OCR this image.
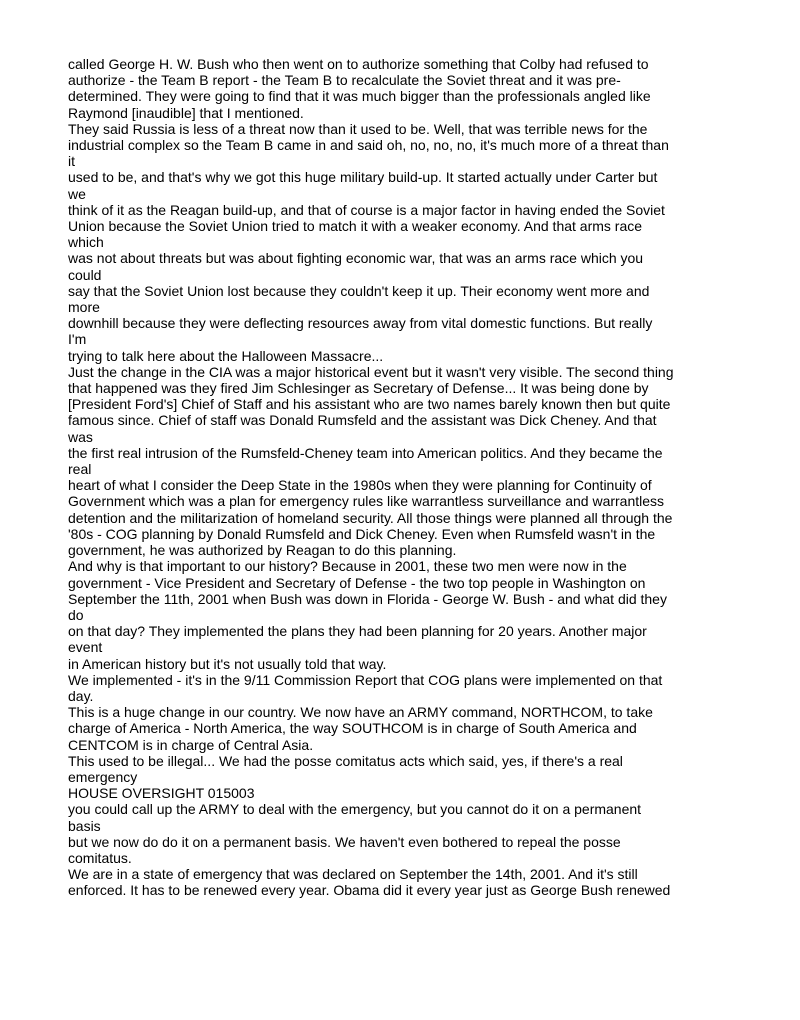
called George H. W. Bush who then went on to authorize something that Colby had refused to
authorize - the Team B report - the Team B to recalculate the Soviet threat and it was pre-
determined. They were going to find that it was much bigger than the professionals angled like
Raymond [inaudible] that I mentioned.
They said Russia is less of a threat now than it used to be. Well, that was terrible news for the
industrial complex so the Team B came in and said oh, no, no, no, it's much more of a threat than
it
used to be, and that's why we got this huge military build-up. It started actually under Carter but
we
think of it as the Reagan build-up, and that of course is a major factor in having ended the Soviet
Union because the Soviet Union tried to match it with a weaker economy. And that arms race
which
was not about threats but was about fighting economic war, that was an arms race which you
could
say that the Soviet Union lost because they couldn't keep it up. Their economy went more and
more
downhill because they were deflecting resources away from vital domestic functions. But really
I'm
trying to talk here about the Halloween Massacre...
Just the change in the CIA was a major historical event but it wasn't very visible. The second thing
that happened was they fired Jim Schlesinger as Secretary of Defense... It was being done by
[President Ford's] Chief of Staff and his assistant who are two names barely known then but quite
famous since. Chief of staff was Donald Rumsfeld and the assistant was Dick Cheney. And that
was
the first real intrusion of the Rumsfeld-Cheney team into American politics. And they became the
real
heart of what I consider the Deep State in the 1980s when they were planning for Continuity of
Government which was a plan for emergency rules like warrantless surveillance and warrantless
detention and the militarization of homeland security. All those things were planned all through the
'80s - COG planning by Donald Rumsfeld and Dick Cheney. Even when Rumsfeld wasn't in the
government, he was authorized by Reagan to do this planning.
And why is that important to our history? Because in 2001, these two men were now in the
government - Vice President and Secretary of Defense - the two top people in Washington on
September the 11th, 2001 when Bush was down in Florida - George W. Bush - and what did they
do
on that day? They implemented the plans they had been planning for 20 years. Another major
event
in American history but it's not usually told that way.
We implemented - it's in the 9/11 Commission Report that COG plans were implemented on that
day.
This is a huge change in our country. We now have an ARMY command, NORTHCOM, to take
charge of America - North America, the way SOUTHCOM is in charge of South America and
CENTCOM is in charge of Central Asia.
This used to be illegal... We had the posse comitatus acts which said, yes, if there's a real
emergency
HOUSE OVERSIGHT 015003
you could call up the ARMY to deal with the emergency, but you cannot do it on a permanent
basis
but we now do do it on a permanent basis. We haven't even bothered to repeal the posse
comitatus.
We are in a state of emergency that was declared on September the 14th, 2001. And it's still
enforced. It has to be renewed every year. Obama did it every year just as George Bush renewed
